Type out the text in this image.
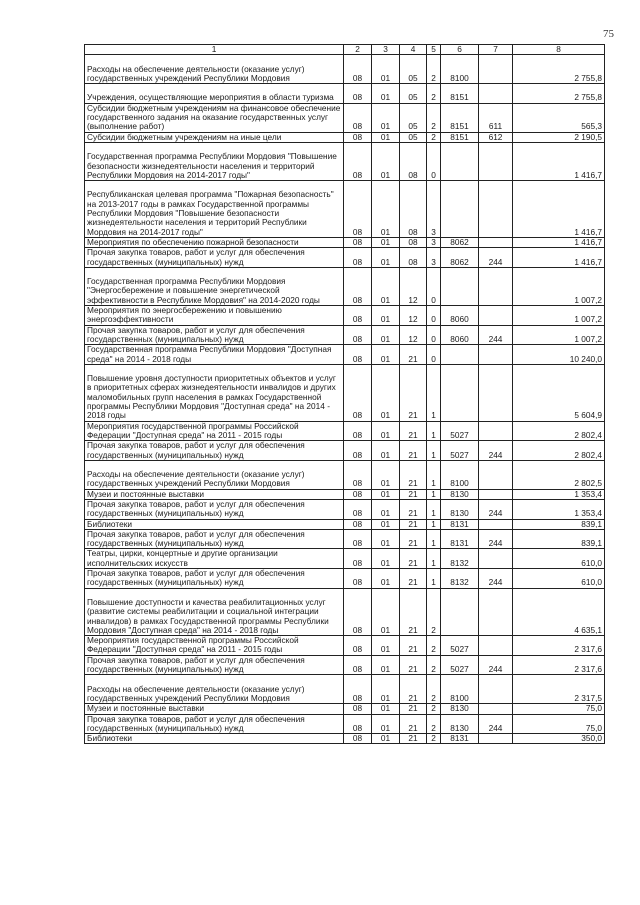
75
1	2	3	4	5	6	7	8
Расходы на обеспечение деятельности (оказание услуг) государственных учреждений Республики Мордовия	08	01	05	2	8100		2 755,8
Учреждения, осуществляющие мероприятия в области туризма	08	01	05	2	8151		2 755,8
Субсидии бюджетным учреждениям на финансовое обеспечение государственного задания на оказание государственных услуг (выполнение работ)	08	01	05	2	8151	611	565,3
Субсидии бюджетным учреждениям на иные цели	08	01	05	2	8151	612	2 190,5
Государственная программа Республики Мордовия "Повышение безопасности жизнедеятельности населения и территорий Республики Мордовия на 2014-2017 годы"	08	01	08	0			1 416,7
Республиканская целевая программа "Пожарная безопасность" на 2013-2017 годы в рамках Государственной программы Республики Мордовия "Повышение безопасности жизнедеятельности населения и территорий Республики Мордовия на 2014-2017 годы"	08	01	08	3			1 416,7
Мероприятия по обеспечению пожарной безопасности	08	01	08	3	8062		1 416,7
Прочая закупка товаров, работ и услуг для обеспечения государственных (муниципальных) нужд	08	01	08	3	8062	244	1 416,7
Государственная программа Республики Мордовия "Энергосбережение и повышение энергетической эффективности в Республике Мордовия" на 2014-2020 годы	08	01	12	0			1 007,2
Мероприятия по энергосбережению и повышению энергоэффективности	08	01	12	0	8060		1 007,2
Прочая закупка товаров, работ и услуг для обеспечения государственных (муниципальных) нужд	08	01	12	0	8060	244	1 007,2
Государственная программа Республики Мордовия "Доступная среда" на 2014 - 2018 годы	08	01	21	0			10 240,0
Повышение уровня доступности приоритетных объектов и услуг в приоритетных сферах жизнедеятельности инвалидов и других маломобильных групп населения в рамках Государственной программы Республики Мордовия "Доступная среда" на 2014 - 2018 годы	08	01	21	1			5 604,9
Мероприятия государственной программы Российской Федерации "Доступная среда" на 2011 - 2015 годы	08	01	21	1	5027		2 802,4
Прочая закупка товаров, работ и услуг для обеспечения государственных (муниципальных) нужд	08	01	21	1	5027	244	2 802,4
Расходы на обеспечение деятельности (оказание услуг) государственных учреждений Республики Мордовия	08	01	21	1	8100		2 802,5
Музеи и постоянные выставки	08	01	21	1	8130		1 353,4
Прочая закупка товаров, работ и услуг для обеспечения государственных (муниципальных) нужд	08	01	21	1	8130	244	1 353,4
Библиотеки	08	01	21	1	8131		839,1
Прочая закупка товаров, работ и услуг для обеспечения государственных (муниципальных) нужд	08	01	21	1	8131	244	839,1
Театры, цирки, концертные и другие организации исполнительских искусств	08	01	21	1	8132		610,0
Прочая закупка товаров, работ и услуг для обеспечения государственных (муниципальных) нужд	08	01	21	1	8132	244	610,0
Повышение доступности и качества реабилитационных услуг (развитие системы реабилитации и социальной интеграции инвалидов) в рамках Государственной программы Республики Мордовия "Доступная среда" на 2014 - 2018 годы	08	01	21	2			4 635,1
Мероприятия государственной программы Российской Федерации "Доступная среда" на 2011 - 2015 годы	08	01	21	2	5027		2 317,6
Прочая закупка товаров, работ и услуг для обеспечения государственных (муниципальных) нужд	08	01	21	2	5027	244	2 317,6
Расходы на обеспечение деятельности (оказание услуг) государственных учреждений Республики Мордовия	08	01	21	2	8100		2 317,5
Музеи и постоянные выставки	08	01	21	2	8130		75,0
Прочая закупка товаров, работ и услуг для обеспечения государственных (муниципальных) нужд	08	01	21	2	8130	244	75,0
Библиотеки	08	01	21	2	8131		350,0
